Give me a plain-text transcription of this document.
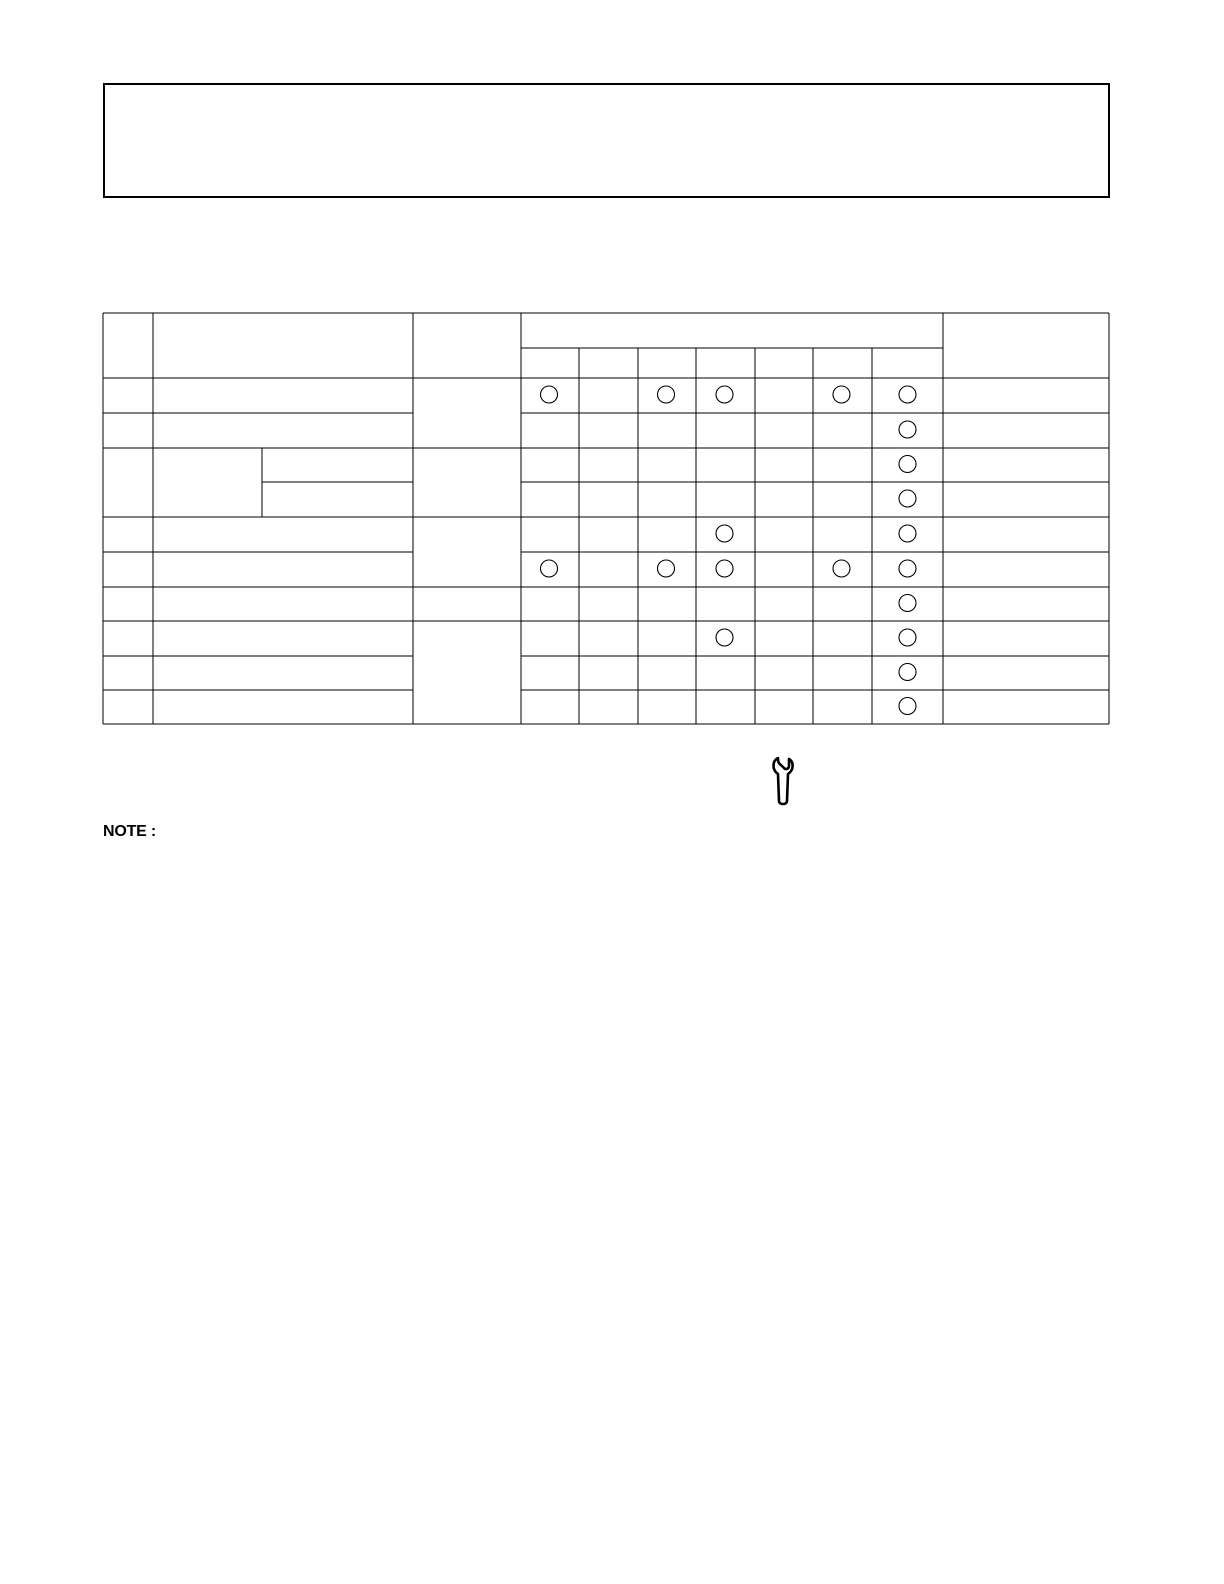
NOTE :
